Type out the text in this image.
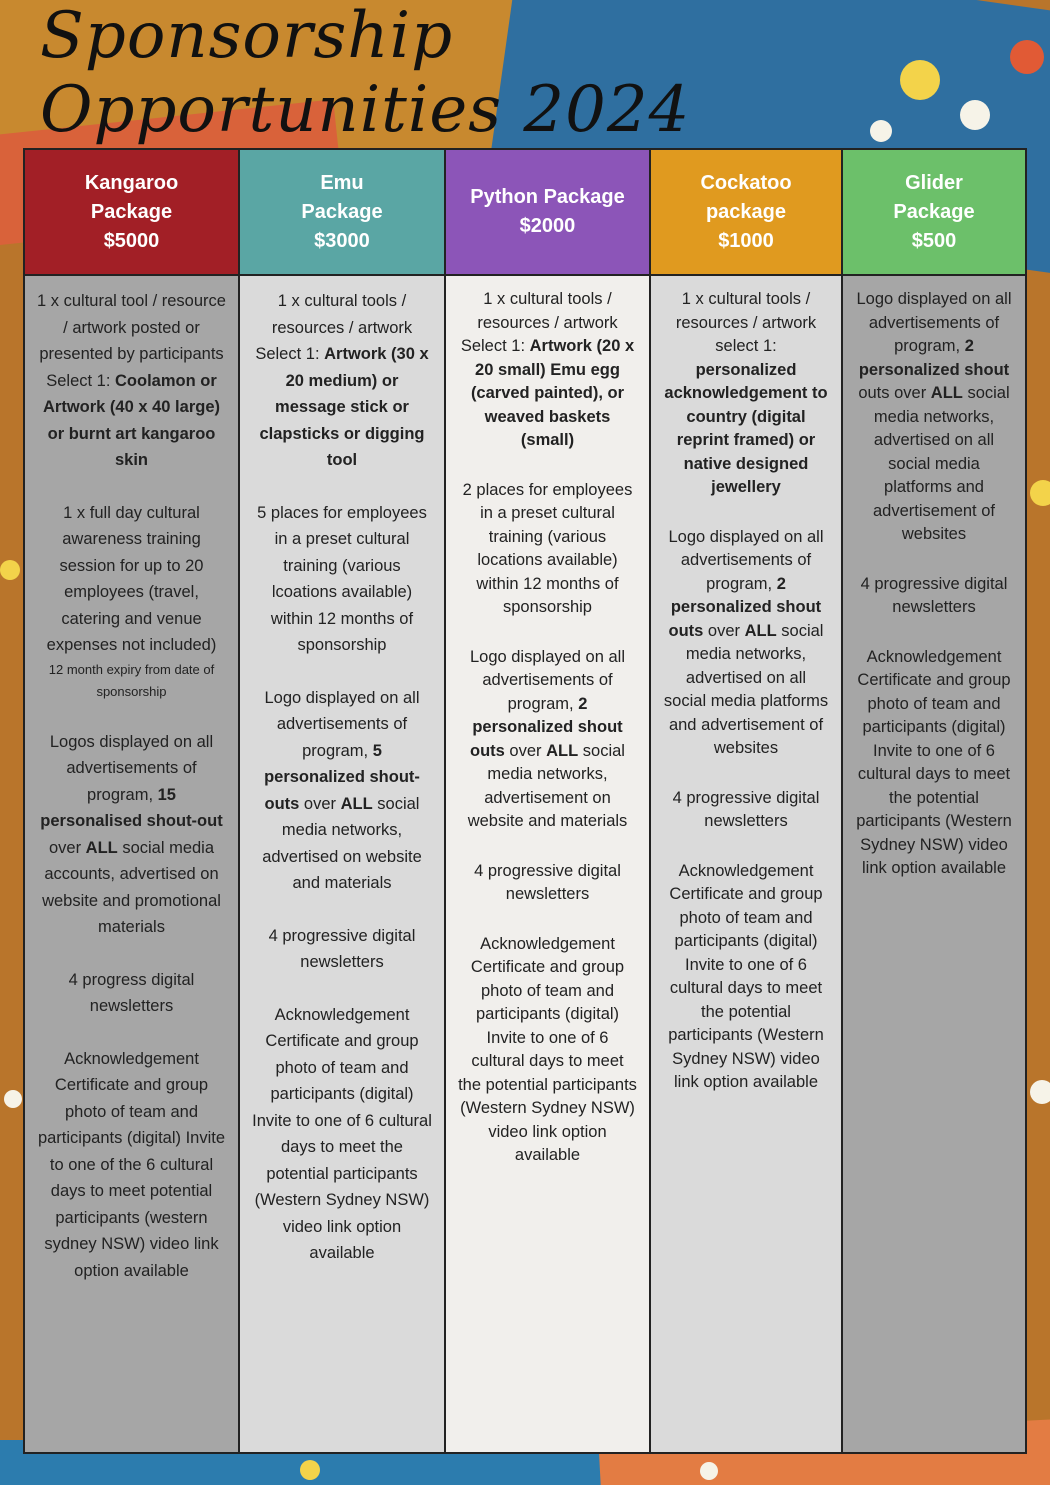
Sponsorship Opportunities 2024
Kangaroo
Package
$5000

1 x cultural tool / resource / artwork posted or presented by participants Select 1: Coolamon or Artwork (40 x 40 large) or burnt art kangaroo skin

1 x full day cultural awareness training session for up to 20 employees (travel, catering and venue expenses not included)
12 month expiry from date of sponsorship

Logos displayed on all advertisements of program, 15 personalised shout-out over ALL social media accounts, advertised on website and promotional materials

4 progress digital newsletters

Acknowledgement Certificate and group photo of team and participants (digital) Invite to one of the 6 cultural days to meet potential participants (western sydney NSW) video link option available

Emu
Package
$3000

1 x cultural tools / resources / artwork Select 1: Artwork (30 x 20 medium) or message stick or clapsticks or digging tool

5 places for employees in a preset cultural training (various lcoations available) within 12 months of sponsorship

Logo displayed on all advertisements of program, 5 personalized shout-outs over ALL social media networks, advertised on website and materials

4 progressive digital newsletters

Acknowledgement Certificate and group photo of team and participants (digital) Invite to one of 6 cultural days to meet the potential participants (Western Sydney NSW) video link option available

Python Package
$2000

1 x cultural tools / resources / artwork Select 1: Artwork (20 x 20 small) Emu egg (carved painted), or weaved baskets (small)

2 places for employees in a preset cultural training (various locations available) within 12 months of sponsorship

Logo displayed on all advertisements of program, 2 personalized shout outs over ALL social media networks, advertisement on website and materials

4 progressive digital newsletters

Acknowledgement Certificate and group photo of team and participants (digital) Invite to one of 6 cultural days to meet the potential participants (Western Sydney NSW) video link option available

Cockatoo
package
$1000

1 x cultural tools / resources / artwork select 1: personalized acknowledgement to country (digital reprint framed) or native designed jewellery

Logo displayed on all advertisements of program, 2 personalized shout outs over ALL social media networks, advertised on all social media platforms and advertisement of websites

4 progressive digital newsletters

Acknowledgement Certificate and group photo of team and participants (digital) Invite to one of 6 cultural days to meet the potential participants (Western Sydney NSW) video link option available

Glider
Package
$500

Logo displayed on all advertisements of program, 2 personalized shout outs over ALL social media networks, advertised on all social media platforms and advertisement of websites

4 progressive digital newsletters

Acknowledgement Certificate and group photo of team and participants (digital) Invite to one of 6 cultural days to meet the potential participants (Western Sydney NSW) video link option available
